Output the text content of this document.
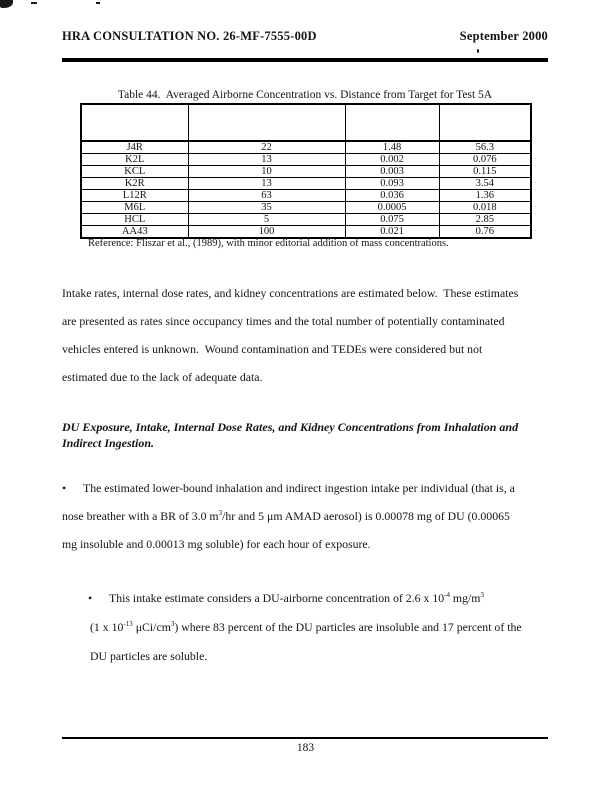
HRA CONSULTATION NO. 26-MF-7555-00D	September 2000
Table 44.  Averaged Airborne Concentration vs. Distance from Target for Test 5A

J4R	22	1.48	56.3
K2L	13	0.002	0.076
KCL	10	0.003	0.115
K2R	13	0.093	3.54
L12R	63	0.036	1.36
M6L	35	0.0005	0.018
HCL	5	0.075	2.85
AA43	100	0.021	0.76
Reference: Fliszar et al., (1989), with minor editorial addition of mass concentrations.
Intake rates, internal dose rates, and kidney concentrations are estimated below.  These estimates
are presented as rates since occupancy times and the total number of potentially contaminated
vehicles entered is unknown.  Wound contamination and TEDEs were considered but not
estimated due to the lack of adequate data.
DU Exposure, Intake, Internal Dose Rates, and Kidney Concentrations from Inhalation and
Indirect Ingestion.
• The estimated lower-bound inhalation and indirect ingestion intake per individual (that is, a
nose breather with a BR of 3.0 $m^3/hr$ and 5 μm AMAD aerosol) is 0.00078 mg of DU (0.00065
mg insoluble and 0.00013 mg soluble) for each hour of exposure.
• This intake estimate considers a DU-airborne concentration of 2.6 x $10^{-4}$ $mg/m^3$
(1 x $10^{-13}$ μCi/$cm^3$) where 83 percent of the DU particles are insoluble and 17 percent of the
DU particles are soluble.
183
